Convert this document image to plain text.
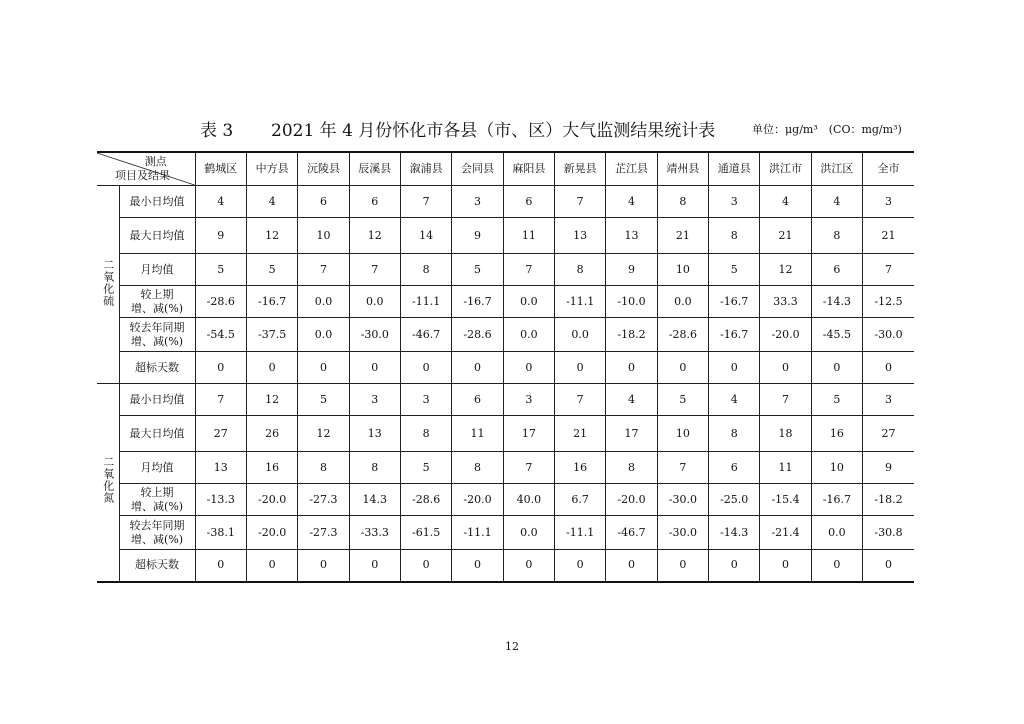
表 3 2021 年 4 月份怀化市各县（市、区）大气监测结果统计表	单位：μg/m³　(CO：mg/m³)
测点
项目及结果		鹤城区	中方县	沅陵县	辰溪县	溆浦县	会同县	麻阳县	新晃县	芷江县	靖州县	通道县	洪江市	洪江区	全市
二氧化硫	最小日均值	4	4	6	6	7	3	6	7	4	8	3	4	4	3

	最大日均值	9	12	10	12	14	9	11	13	13	21	8	21	8	21

	月均值	5	5	7	7	8	5	7	8	9	10	5	12	6	7

	较上期
增、减(%)	-28.6	-16.7	0.0	0.0	-11.1	-16.7	0.0	-11.1	-10.0	0.0	-16.7	33.3	-14.3	-12.5

	较去年同期
增、减(%)	-54.5	-37.5	0.0	-30.0	-46.7	-28.6	0.0	0.0	-18.2	-28.6	-16.7	-20.0	-45.5	-30.0

	超标天数	0	0	0	0	0	0	0	0	0	0	0	0	0	0
二氧化氮	最小日均值	7	12	5	3	3	6	3	7	4	5	4	7	5	3

	最大日均值	27	26	12	13	8	11	17	21	17	10	8	18	16	27

	月均值	13	16	8	8	5	8	7	16	8	7	6	11	10	9

	较上期
增、减(%)	-13.3	-20.0	-27.3	14.3	-28.6	-20.0	40.0	6.7	-20.0	-30.0	-25.0	-15.4	-16.7	-18.2

	较去年同期
增、减(%)	-38.1	-20.0	-27.3	-33.3	-61.5	-11.1	0.0	-11.1	-46.7	-30.0	-14.3	-21.4	0.0	-30.8

	超标天数	0	0	0	0	0	0	0	0	0	0	0	0	0	0
12
